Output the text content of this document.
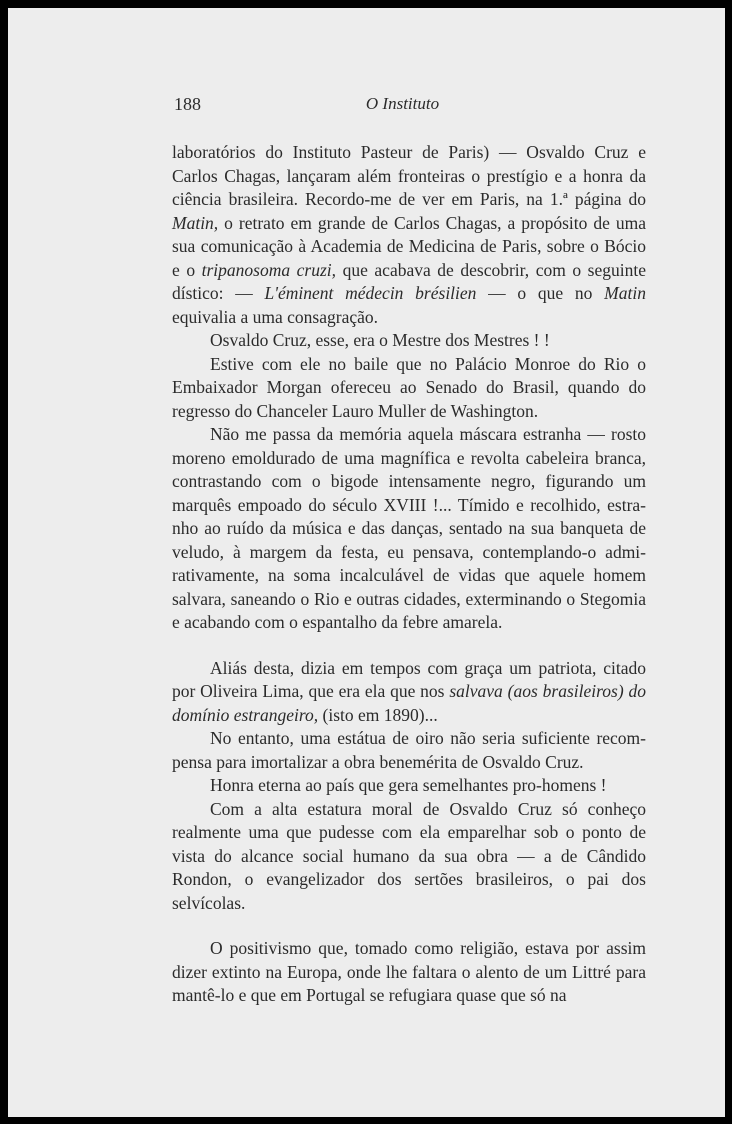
188	O Instituto

laboratórios do Instituto Pasteur de Paris) — Osvaldo Cruz e Carlos Chagas, lançaram além fronteiras o prestígio e a honra da ciência brasileira. Recordo-me de ver em Paris, na 1.ª página do Matin, o retrato em grande de Carlos Chagas, a propósito de uma sua comunicação à Academia de Medicina de Paris, sobre o Bócio e o tripanosoma cruzi, que acabava de descobrir, com o seguinte dístico: — L'éminent médecin brésilien — o que no Matin equivalia a uma consagração.

Osvaldo Cruz, esse, era o Mestre dos Mestres ! !

Estive com ele no baile que no Palácio Monroe do Rio o Embaixador Morgan ofereceu ao Senado do Brasil, quando do regresso do Chanceler Lauro Muller de Washington.

Não me passa da memória aquela máscara estranha — rosto moreno emoldurado de uma magnífica e revolta cabeleira branca, contrastando com o bigode intensamente negro, figurando um marquês empoado do século XVIII !... Tímido e recolhido, estranho ao ruído da música e das danças, sentado na sua banqueta de veludo, à margem da festa, eu pensava, contemplando-o admirativamente, na soma incalculável de vidas que aquele homem salvara, saneando o Rio e outras cidades, exterminando o Stegomia e acabando com o espantalho da febre amarela.

Aliás desta, dizia em tempos com graça um patriota, citado por Oliveira Lima, que era ela que nos salvava (aos brasileiros) do domínio estrangeiro, (isto em 1890)...

No entanto, uma estátua de oiro não seria suficiente recompensa para imortalizar a obra benemérita de Osvaldo Cruz.

Honra eterna ao país que gera semelhantes pro-homens !

Com a alta estatura moral de Osvaldo Cruz só conheço realmente uma que pudesse com ela emparelhar sob o ponto de vista do alcance social humano da sua obra — a de Cândido Rondon, o evangelizador dos sertões brasileiros, o pai dos selvícolas.

O positivismo que, tomado como religião, estava por assim dizer extinto na Europa, onde lhe faltara o alento de um Littré para mantê-lo e que em Portugal se refugiara quase que só na
